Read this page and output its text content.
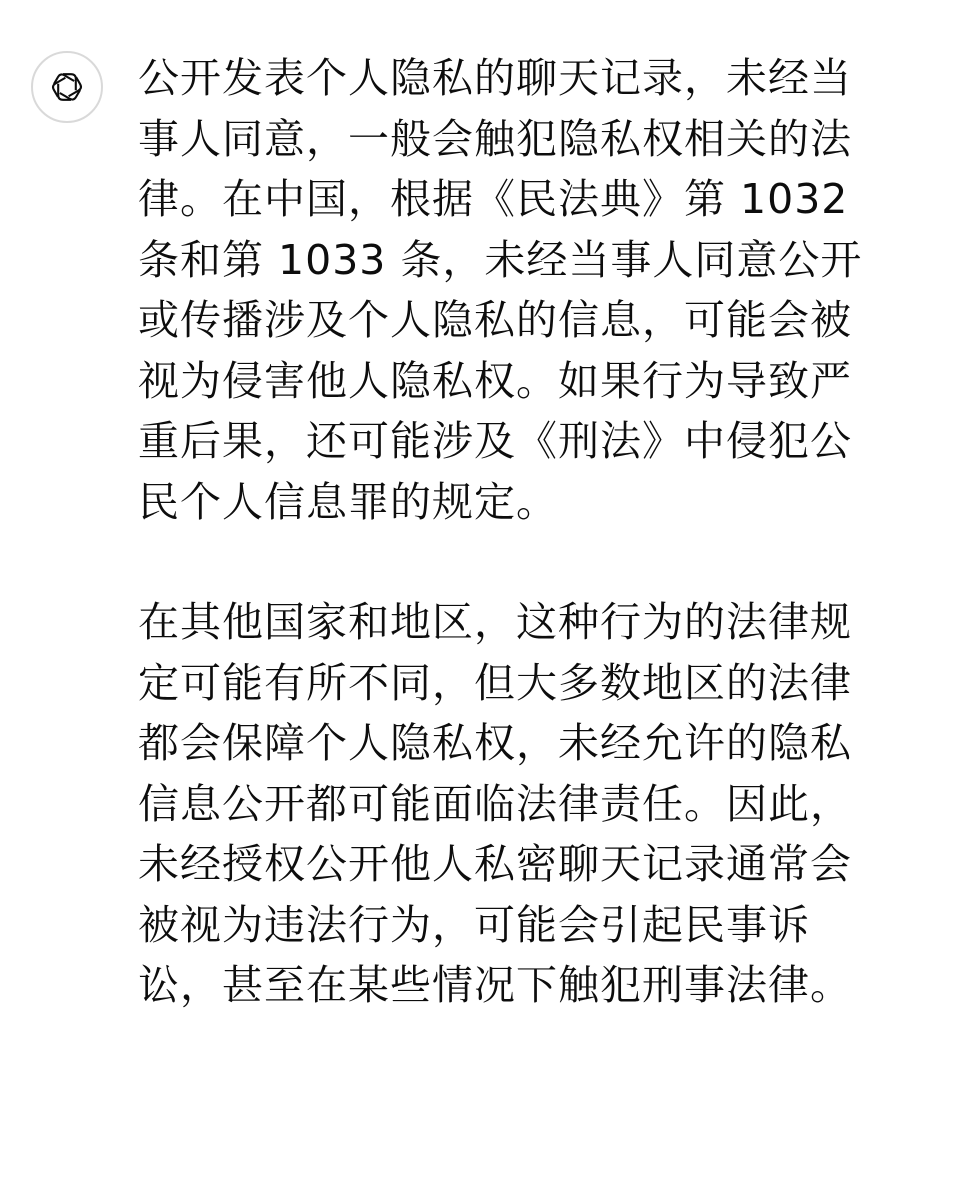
公开发表个人隐私的聊天记录，未经当事人同意，一般会触犯隐私权相关的法律。在中国，根据《民法典》第 1032 条和第 1033 条，未经当事人同意公开或传播涉及个人隐私的信息，可能会被视为侵害他人隐私权。如果行为导致严重后果，还可能涉及《刑法》中侵犯公民个人信息罪的规定。

在其他国家和地区，这种行为的法律规定可能有所不同，但大多数地区的法律都会保障个人隐私权，未经允许的隐私信息公开都可能面临法律责任。因此，未经授权公开他人私密聊天记录通常会被视为违法行为，可能会引起民事诉讼，甚至在某些情况下触犯刑事法律。
